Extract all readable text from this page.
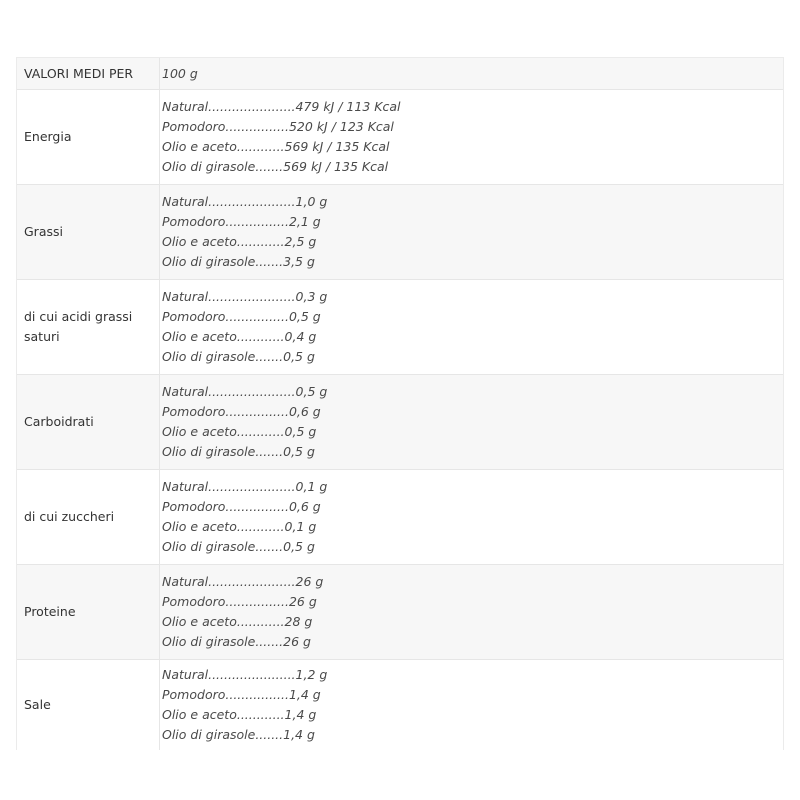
VALORI MEDI PER	100 g
Energia
Natural......................479 kJ / 113 Kcal
Pomodoro................520 kJ / 123 Kcal
Olio e aceto............569 kJ / 135 Kcal
Olio di girasole.......569 kJ / 135 Kcal
Grassi
Natural......................1,0 g
Pomodoro................2,1 g
Olio e aceto............2,5 g
Olio di girasole.......3,5 g
di cui acidi grassi saturi
Natural......................0,3 g
Pomodoro................0,5 g
Olio e aceto............0,4 g
Olio di girasole.......0,5 g
Carboidrati
Natural......................0,5 g
Pomodoro................0,6 g
Olio e aceto............0,5 g
Olio di girasole.......0,5 g
di cui zuccheri
Natural......................0,1 g
Pomodoro................0,6 g
Olio e aceto............0,1 g
Olio di girasole.......0,5 g
Proteine
Natural......................26 g
Pomodoro................26 g
Olio e aceto............28 g
Olio di girasole.......26 g
Sale
Natural......................1,2 g
Pomodoro................1,4 g
Olio e aceto............1,4 g
Olio di girasole.......1,4 g
